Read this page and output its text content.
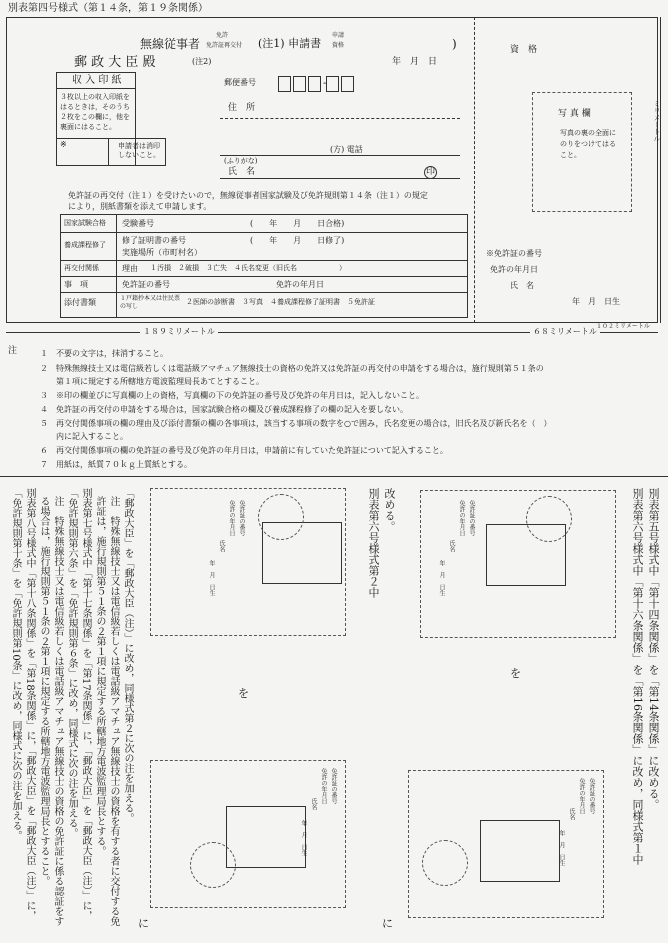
別表第四号様式（第１４条，第１９条関係）
無線従事者
免許
免許証再交付 (注1) 申請書
申請
資格	)
郵 政 大 臣 殿	(注2)	年　月　日
収 入 印 紙
３枚以上の収入印紙をはるときは，そのうち２枚をこの欄に，他を裏面にはること。
※	申請者は消印しないこと。
郵便番号	-
住　所
(方) 電話
(ふりがな)
氏　名	印
資　格
写 真 欄
写真の裏の全面にのりをつけてはること。
免許証の再交付（注１）を受けたいので，無線従事者国家試験及び免許規則第１４条（注１）の規定
により，別紙書類を添えて申請します。
国家試験合格 受験番号	(　　年　　月　　日合格)
養成課程修了 修了証明書の番号	(　　年　　月　　日修了)
実施場所（市町村名）
再交付関係	理由 １汚損　２破損　３亡失　４氏名変更（旧氏名　　　　　　）
事　項	免許証の番号	免許の年月日
添付書類	１戸籍抄本又は住民票の写し
２医師の診断書　３写真　４養成課程修了証明書　５免許証
※免許証の番号
免許の年月日
氏　名
年　月　日生
ミリメートル
１８９ミリメートル	６８ミリメートル
１０２ミリメートル
注	１　不要の文字は，抹消すること。
２　特殊無線技士又は電信級若しくは電話級アマチュア無線技士の資格の免許又は免許証の再交付の申請をする場合は，施行規則第５１条の
　　第１項に規定する所轄地方電波監理局長あてとすること。
３　※印の欄並びに写真欄の上の資格，写真欄の下の免許証の番号及び免許の年月日は，記入しないこと。
４　免許証の再交付の申請をする場合は，国家試験合格の欄及び養成課程修了の欄の記入を要しない。
５　再交付関係事項の欄の理由及び添付書類の欄の各事項は，該当する事項の数字を○で囲み，氏名変更の場合は，旧氏名及び新氏名を（　）
　　内に記入すること。
６　再交付関係事項の欄の免許証の番号及び免許の年月日は，申請前に有していた免許証について記入すること。
７　用紙は，紙質７０ｋｇ上質紙とする。
別表第五号様式中「第十四条関係」を「第14条関係」に改める。
別表第六号様式中「第十六条関係」を「第16条関係」に改め，同様式第１中
改める。
別表第六号様式第２中
「郵政大臣」を「郵政大臣（注）」に改め，同様式第２に次の注を加える。
注　特殊無線技士又は電信級若しくは電話級アマチュア無線技士の資格を有する者に交付する免
許証は，施行規則第５１条の２第１項に規定する所轄地方電波監理局長とする。
別表第七号様式中「第十七条関係」を「第17条関係」に，「郵政大臣」を「郵政大臣（注）」に，
「免許規則第六条」を「免許規則第６条」に改め，同様式に次の注を加える。
注　特殊無線技士又は電信級若しくは電話級アマチュア無線技士の資格の免許証に係る認証をす
る場合は，施行規則第５１条の２第１項に規定する所轄地方電波監理局長とすること。
別表第八号様式中「第十八条関係」を「第18条関係」に，「郵政大臣」を「郵政大臣（注）」に，
「免許規則第十条」を「免許規則第10条」に改め，同様式に次の注を加える。	免許証の番号
免許の年月日
氏名
年　月　日生
免許証の番号
免許の年月日
氏名
年　月　日生
を
を
免許証の番号
免許の年月日
氏名
年　月　日生
免許証の番号
免許の年月日
氏名
年　月　日生
に
に
